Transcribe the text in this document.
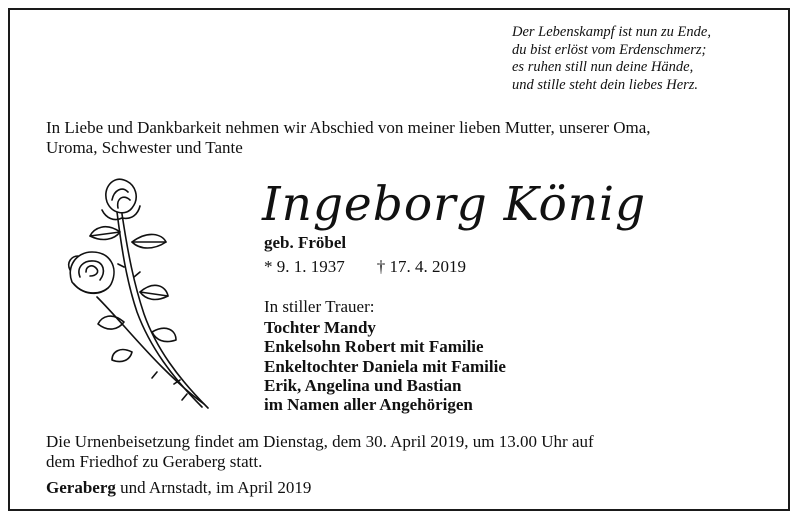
Der Lebenskampf ist nun zu Ende,
du bist erlöst vom Erdenschmerz;
es ruhen still nun deine Hände,
und stille steht dein liebes Herz.
In Liebe und Dankbarkeit nehmen wir Abschied von meiner lieben Mutter, unserer Oma,
Uroma, Schwester und Tante
Ingeborg König
geb. Fröbel
* 9. 1. 1937 † 17. 4. 2019
In stiller Trauer:
Tochter Mandy
Enkelsohn Robert mit Familie
Enkeltochter Daniela mit Familie
Erik, Angelina und Bastian
im Namen aller Angehörigen
Die Urnenbeisetzung findet am Dienstag, dem 30. April 2019, um 13.00 Uhr auf
dem Friedhof zu Geraberg statt.
Geraberg und Arnstadt, im April 2019
